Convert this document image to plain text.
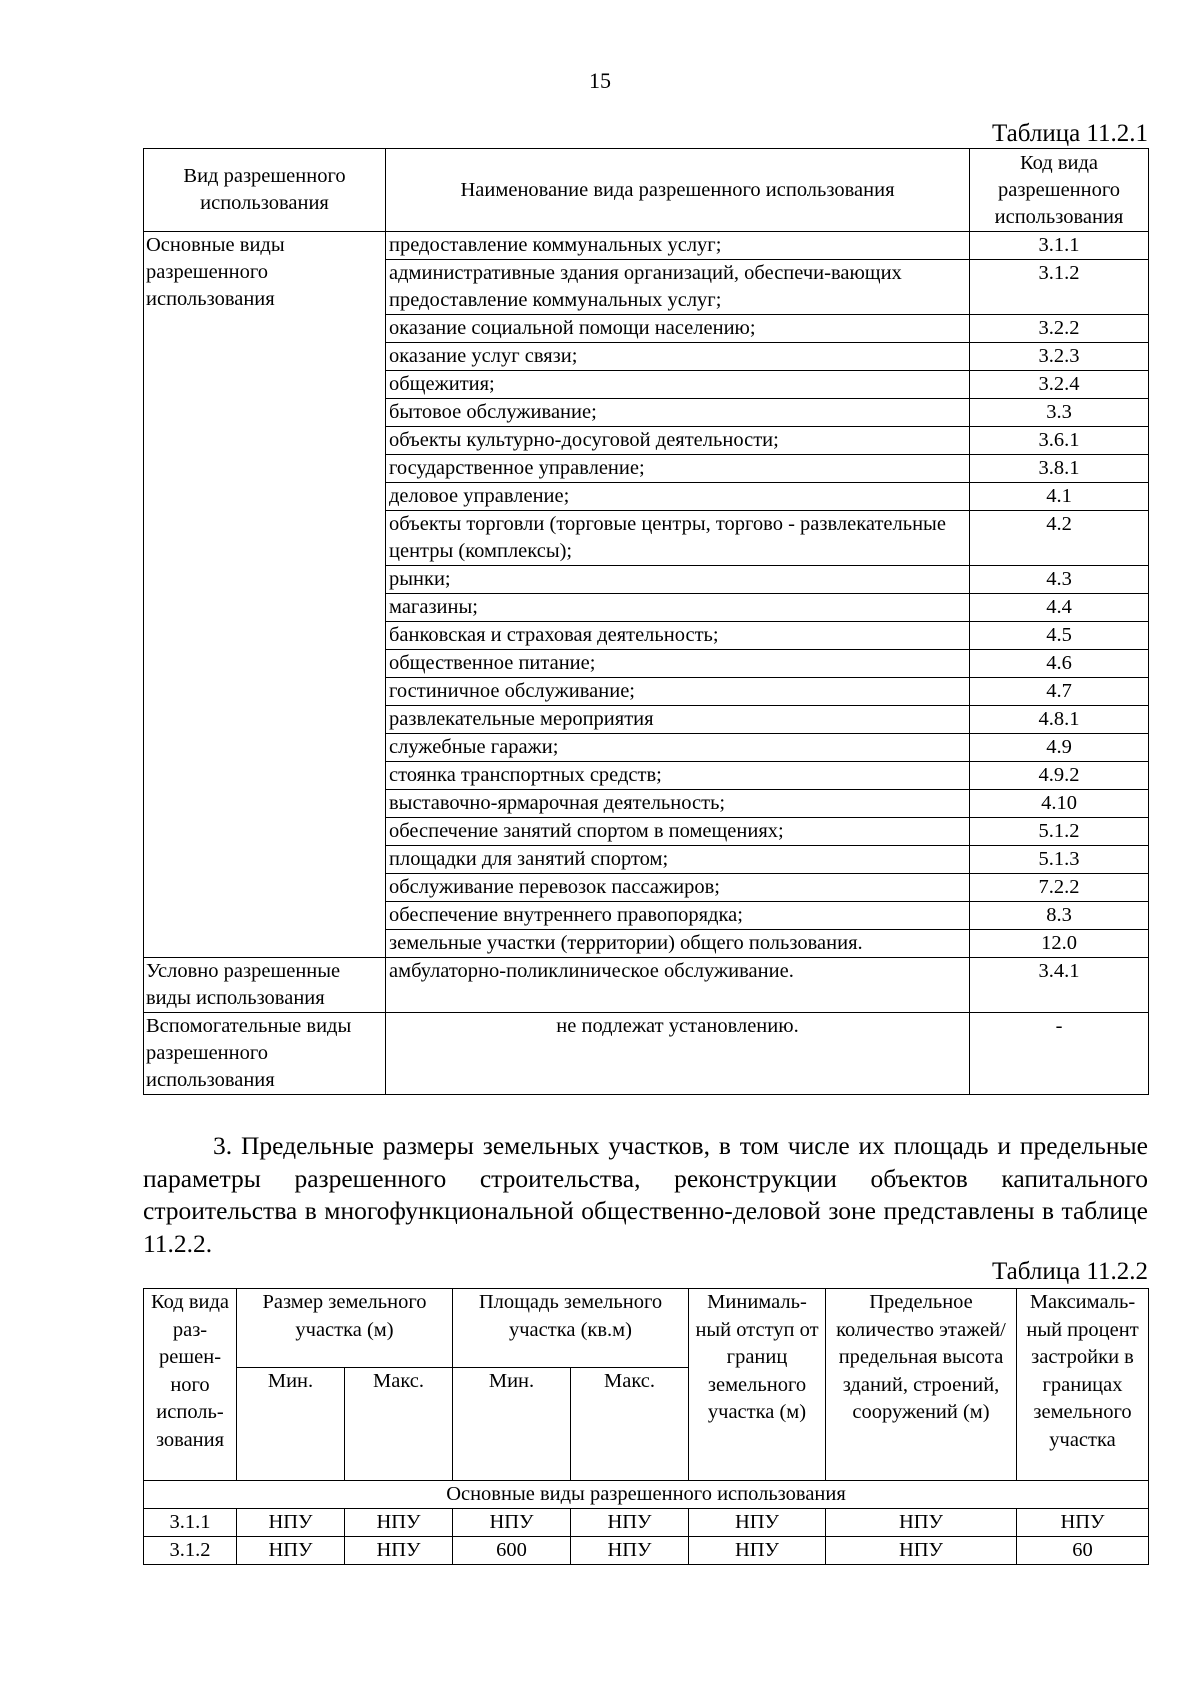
15
Таблица 11.2.1
Вид разрешенного использования	Наименование вида разрешенного использования	Код вида разрешенного использования
Основные виды разрешенного использования	предоставление коммунальных услуг;	3.1.1
	административные здания организаций, обеспечи-вающих предоставление коммунальных услуг;	3.1.2
	оказание социальной помощи населению;	3.2.2
	оказание услуг связи;	3.2.3
	общежития;	3.2.4
	бытовое обслуживание;	3.3
	объекты культурно-досуговой деятельности;	3.6.1
	государственное управление;	3.8.1
	деловое управление;	4.1
	объекты торговли (торговые центры, торгово - развлекательные центры (комплексы);	4.2
	рынки;	4.3
	магазины;	4.4
	банковская и страховая деятельность;	4.5
	общественное питание;	4.6
	гостиничное обслуживание;	4.7
	развлекательные мероприятия	4.8.1
	служебные гаражи;	4.9
	стоянка транспортных средств;	4.9.2
	выставочно-ярмарочная деятельность;	4.10
	обеспечение занятий спортом в помещениях;	5.1.2
	площадки для занятий спортом;	5.1.3
	обслуживание перевозок пассажиров;	7.2.2
	обеспечение внутреннего правопорядка;	8.3
	земельные участки (территории) общего пользования.	12.0
Условно разрешенные виды использования	амбулаторно-поликлиническое обслуживание.	3.4.1
Вспомогательные виды разрешенного использования	не подлежат установлению.	-
3. Предельные размеры земельных участков, в том числе их площадь и предельные параметры разрешенного строительства, реконструкции объектов капитального строительства в многофункциональной общественно-деловой зоне представлены в таблице 11.2.2.
Таблица 11.2.2
Код вида раз-решен-ного исполь-зования	Размер земельного участка (м)		Площадь земельного участка (кв.м)		Минималь-ный отступ от границ земельного участка (м)	Предельное количество этажей/ предельная высота зданий, строений, сооружений (м)	Максималь-ный процент застройки в границах земельного участка
	Мин.	Макс.	Мин.	Макс.			
Основные виды разрешенного использования							
3.1.1	НПУ	НПУ	НПУ	НПУ	НПУ	НПУ	НПУ
3.1.2	НПУ	НПУ	600	НПУ	НПУ	НПУ	60
